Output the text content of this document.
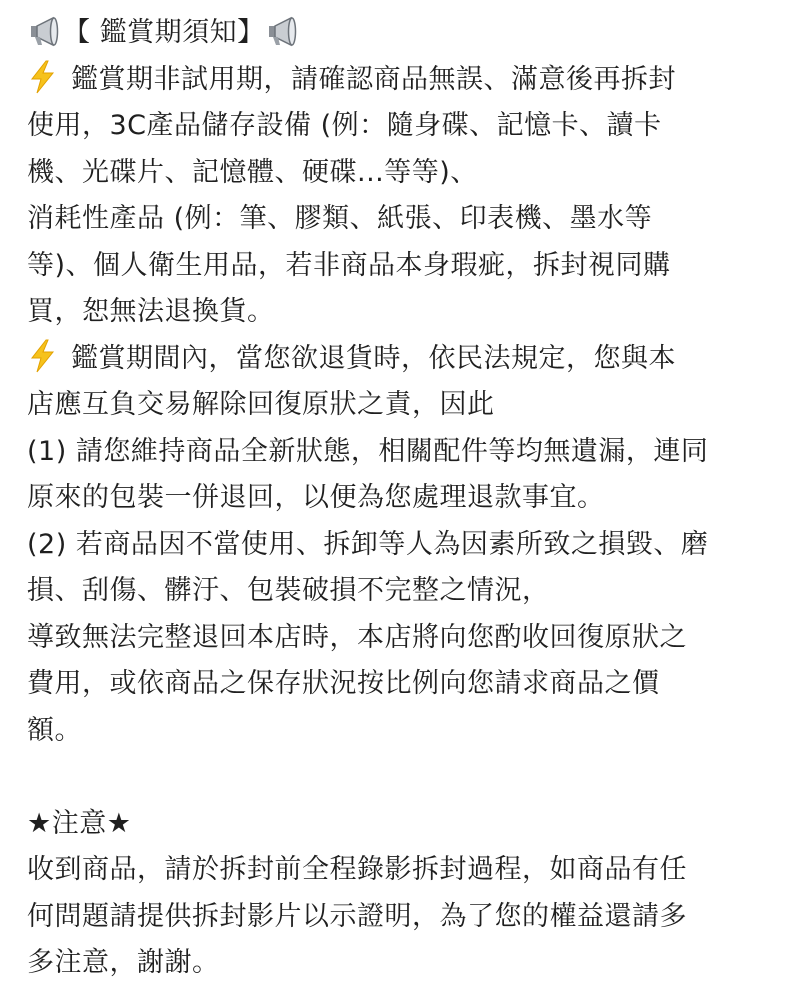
【 鑑賞期須知】
鑑賞期非試用期，請確認商品無誤、滿意後再拆封
使用，3C產品儲存設備 (例：隨身碟、記憶卡、讀卡
機、光碟片、記憶體、硬碟...等等)、
消耗性產品 (例：筆、膠類、紙張、印表機、墨水等
等)、個人衛生用品，若非商品本身瑕疵，拆封視同購
買，恕無法退換貨。
鑑賞期間內，當您欲退貨時，依民法規定，您與本
店應互負交易解除回復原狀之責，因此
(1) 請您維持商品全新狀態，相關配件等均無遺漏，連同
原來的包裝一併退回，以便為您處理退款事宜。
(2) 若商品因不當使用、拆卸等人為因素所致之損毀、磨
損、刮傷、髒汙、包裝破損不完整之情況，
導致無法完整退回本店時，本店將向您酌收回復原狀之
費用，或依商品之保存狀況按比例向您請求商品之價
額。
★注意★
收到商品，請於拆封前全程錄影拆封過程，如商品有任
何問題請提供拆封影片以示證明，為了您的權益還請多
多注意，謝謝。
